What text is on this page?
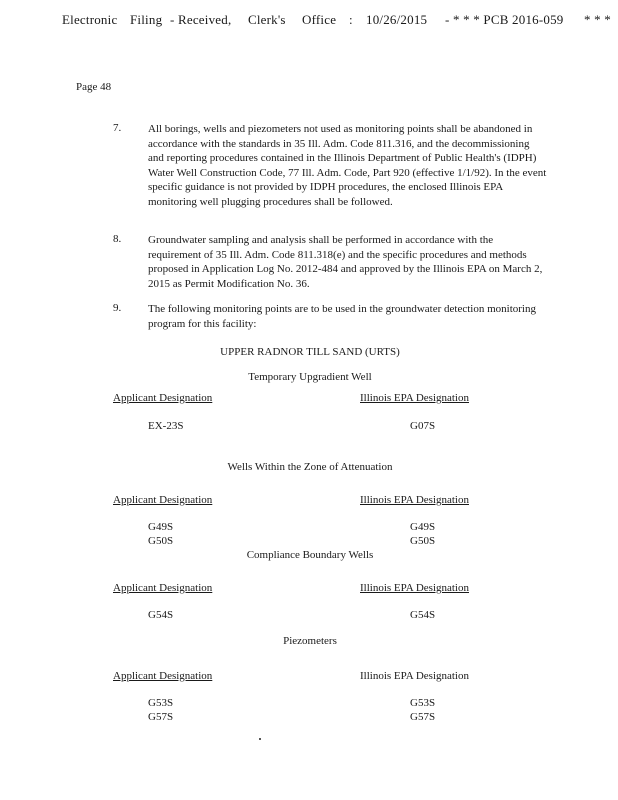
Electronic Filing - Received, Clerk's Office : 10/26/2015 - * * * PCB 2016-059 * * *
Page 48
7. All borings, wells and piezometers not used as monitoring points shall be abandoned in accordance with the standards in 35 Ill. Adm. Code 811.316, and the decommissioning and reporting procedures contained in the Illinois Department of Public Health's (IDPH) Water Well Construction Code, 77 Ill. Adm. Code, Part 920 (effective 1/1/92). In the event specific guidance is not provided by IDPH procedures, the enclosed Illinois EPA monitoring well plugging procedures shall be followed.
8. Groundwater sampling and analysis shall be performed in accordance with the requirement of 35 Ill. Adm. Code 811.318(e) and the specific procedures and methods proposed in Application Log No. 2012-484 and approved by the Illinois EPA on March 2, 2015 as Permit Modification No. 36.
9. The following monitoring points are to be used in the groundwater detection monitoring program for this facility:
UPPER RADNOR TILL SAND (URTS)
Temporary Upgradient Well
Applicant Designation	Illinois EPA Designation
EX-23S	G07S
Wells Within the Zone of Attenuation
Applicant Designation	Illinois EPA Designation
G49S	G49S
G50S	G50S
Compliance Boundary Wells
Applicant Designation	Illinois EPA Designation
G54S	G54S
Piezometers
Applicant Designation	Illinois EPA Designation
G53S	G53S
G57S	G57S
